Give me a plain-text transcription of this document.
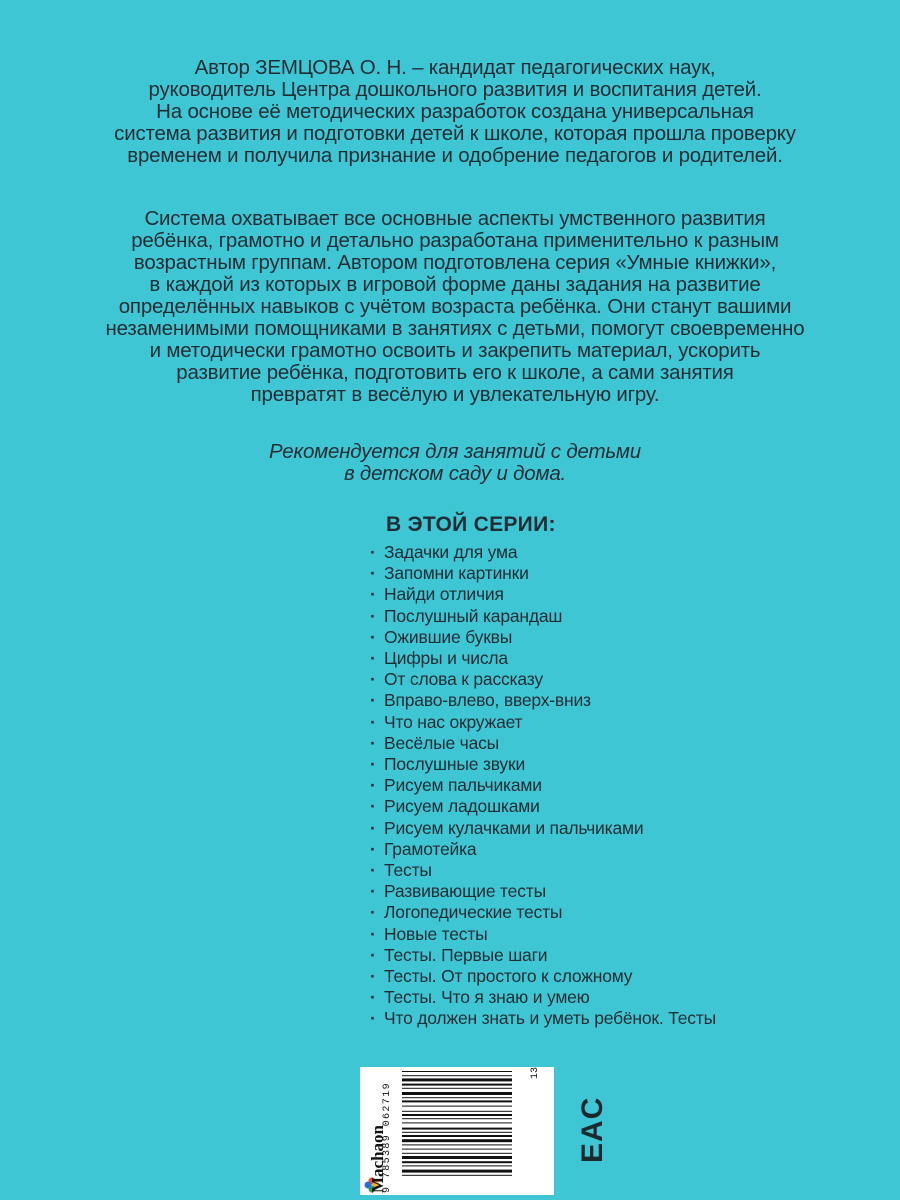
Автор ЗЕМЦОВА О. Н. – кандидат педагогических наук,
руководитель Центра дошкольного развития и воспитания детей.
На основе её методических разработок создана универсальная
система развития и подготовки детей к школе, которая прошла проверку
временем и получила признание и одобрение педагогов и родителей.
Система охватывает все основные аспекты умственного развития
ребёнка, грамотно и детально разработана применительно к разным
возрастным группам. Автором подготовлена серия «Умные книжки»,
в каждой из которых в игровой форме даны задания на развитие
определённых навыков с учётом возраста ребёнка. Они станут вашими
незаменимыми помощниками в занятиях с детьми, помогут своевременно
и методически грамотно освоить и закрепить материал, ускорить
развитие ребёнка, подготовить его к школе, а сами занятия
превратят в весёлую и увлекательную игру.
Рекомендуется для занятий с детьми
в детском саду и дома.
В ЭТОЙ СЕРИИ:
· Задачки для ума
· Запомни картинки
· Найди отличия
· Послушный карандаш
· Ожившие буквы
· Цифры и числа
· От слова к рассказу
· Вправо-влево, вверх-вниз
· Что нас окружает
· Весёлые часы
· Послушные звуки
· Рисуем пальчиками
· Рисуем ладошками
· Рисуем кулачками и пальчиками
· Грамотейка
· Тесты
· Развивающие тесты
· Логопедические тесты
· Новые тесты
· Тесты. Первые шаги
· Тесты. От простого к сложному
· Тесты. Что я знаю и умею
· Что должен знать и уметь ребёнок. Тесты
Machaon
9 785389 062719
13
EAC
